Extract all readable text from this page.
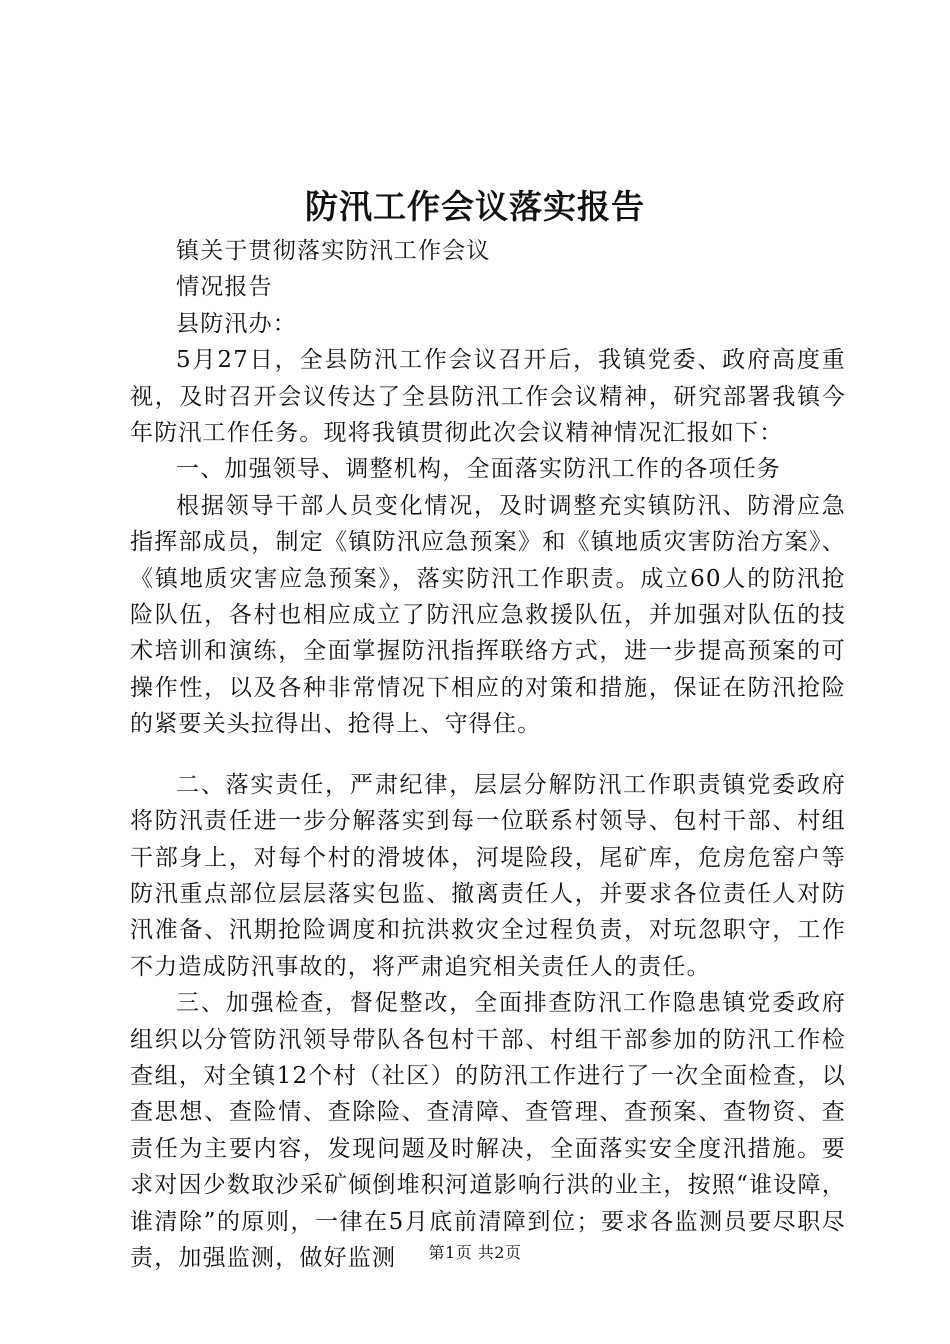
防汛工作会议落实报告

镇关于贯彻落实防汛工作会议

情况报告

县防汛办：

5月27日，全县防汛工作会议召开后，我镇党委、政府高度重视，及时召开会议传达了全县防汛工作会议精神，研究部署我镇今年防汛工作任务。现将我镇贯彻此次会议精神情况汇报如下：

一、加强领导、调整机构，全面落实防汛工作的各项任务

根据领导干部人员变化情况，及时调整充实镇防汛、防滑应急指挥部成员，制定《镇防汛应急预案》和《镇地质灾害防治方案》、《镇地质灾害应急预案》，落实防汛工作职责。成立60人的防汛抢险队伍，各村也相应成立了防汛应急救援队伍，并加强对队伍的技术培训和演练，全面掌握防汛指挥联络方式，进一步提高预案的可操作性，以及各种非常情况下相应的对策和措施，保证在防汛抢险的紧要关头拉得出、抢得上、守得住。

二、落实责任，严肃纪律，层层分解防汛工作职责镇党委政府将防汛责任进一步分解落实到每一位联系村领导、包村干部、村组干部身上，对每个村的滑坡体，河堤险段，尾矿库，危房危窑户等防汛重点部位层层落实包监、撤离责任人，并要求各位责任人对防汛准备、汛期抢险调度和抗洪救灾全过程负责，对玩忽职守，工作不力造成防汛事故的，将严肃追究相关责任人的责任。

三、加强检查，督促整改，全面排查防汛工作隐患镇党委政府组织以分管防汛领导带队各包村干部、村组干部参加的防汛工作检查组，对全镇12个村（社区）的防汛工作进行了一次全面检查，以查思想、查险情、查除险、查清障、查管理、查预案、查物资、查责任为主要内容，发现问题及时解决，全面落实安全度汛措施。要求对因少数取沙采矿倾倒堆积河道影响行洪的业主，按照“谁设障，谁清除”的原则，一律在5月底前清障到位；要求各监测员要尽职尽责，加强监测，做好监测	第1页 共2页
